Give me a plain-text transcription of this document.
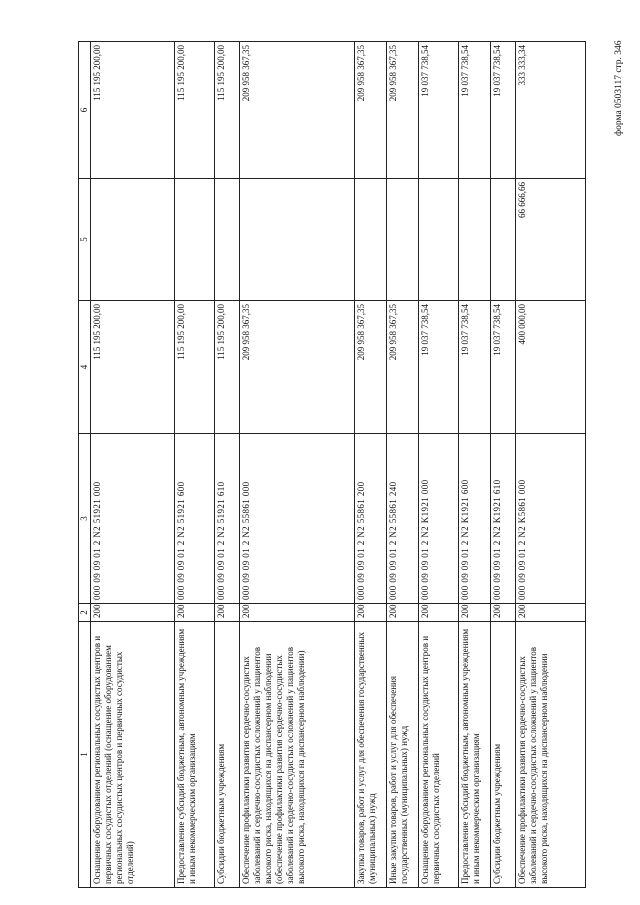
форма 0503117 стр. 346
1	2	3	4	5	6
Оснащение оборудованием региональных сосудистых центров и первичных сосудистых отделений (оснащение оборудованием региональных сосудистых центров и первичных сосудистых отделений)	200	000 09 09 01 2 N2 51921 000	115 195 200,00		115 195 200,00
Предоставление субсидий бюджетным, автономным учреждениям и иным некоммерческим организациям	200	000 09 09 01 2 N2 51921 600	115 195 200,00		115 195 200,00
Субсидии бюджетным учреждениям	200	000 09 09 01 2 N2 51921 610	115 195 200,00		115 195 200,00
Обеспечение профилактики развития сердечно-сосудистых заболеваний и сердечно-сосудистых осложнений у пациентов высокого риска, находящихся на диспансерном наблюдении (обеспечение профилактики развития сердечно-сосудистых заболеваний и сердечно-сосудистых осложнений у пациентов высокого риска, находящихся на диспансерном наблюдении)	200	000 09 09 01 2 N2 55861 000	209 958 367,35		209 958 367,35
Закупка товаров, работ и услуг для обеспечения государственных (муниципальных) нужд	200	000 09 09 01 2 N2 55861 200	209 958 367,35		209 958 367,35
Иные закупки товаров, работ и услуг для обеспечения государственных (муниципальных) нужд	200	000 09 09 01 2 N2 55861 240	209 958 367,35		209 958 367,35
Оснащение оборудованием региональных сосудистых центров и первичных сосудистых отделений	200	000 09 09 01 2 N2 K1921 000	19 037 738,54		19 037 738,54
Предоставление субсидий бюджетным, автономным учреждениям и иным некоммерческим организациям	200	000 09 09 01 2 N2 K1921 600	19 037 738,54		19 037 738,54
Субсидии бюджетным учреждениям	200	000 09 09 01 2 N2 K1921 610	19 037 738,54		19 037 738,54
Обеспечение профилактики развития сердечно-сосудистых заболеваний и сердечно-сосудистых осложнений у пациентов высокого риска, находящихся на диспансерном наблюдении	200	000 09 09 01 2 N2 K5861 000	400 000,00	66 666,66	333 333,34
